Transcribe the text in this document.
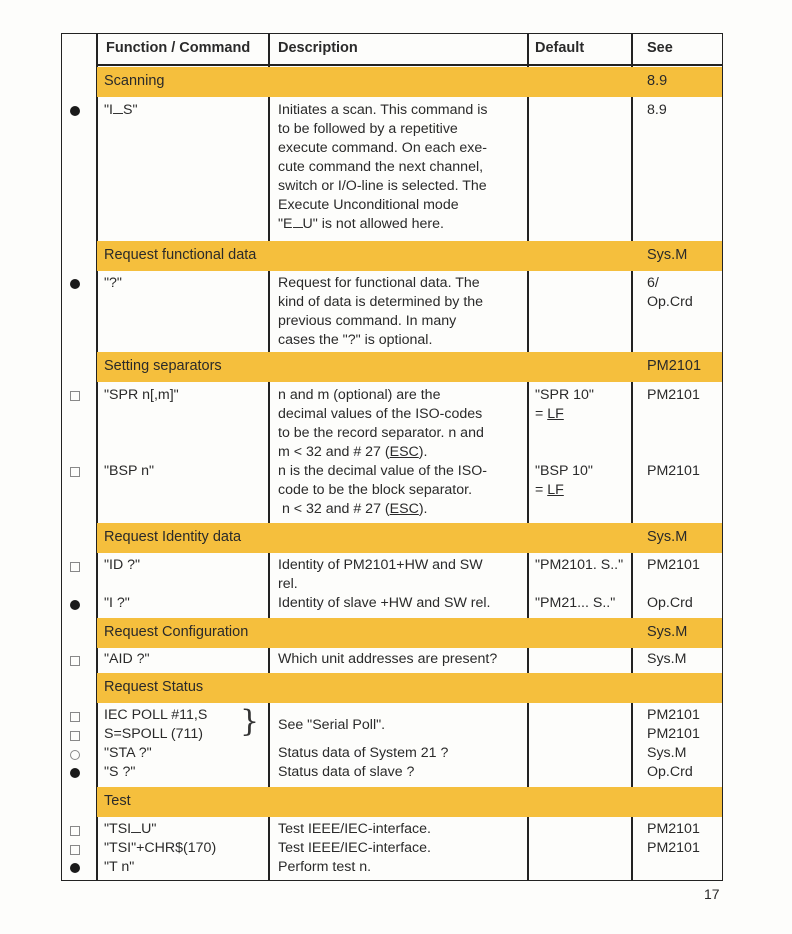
Function / Command Description	Default	See
Scanning	8.9
Request functional data	Sys.M
Setting separators	PM2101
Request Identity data	Sys.M
Request Configuration	Sys.M
Request Status
Test
"I S"	Initiates a scan. This command is
to be followed by a repetitive
execute command. On each exe-
cute command the next channel,
switch or I/O-line is selected. The
Execute Unconditional mode
"E U" is not allowed here.
8.9
"?"	Request for functional data. The
kind of data is determined by the
previous command. In many
cases the "?" is optional.
6/
Op.Crd
"SPR n[,m]"	n and m (optional) are the
decimal values of the ISO-codes
to be the record separator. n and
m < 32 and # 27 (ESC).
"SPR 10"
= LF
PM2101
"BSP n"	n is the decimal value of the ISO-
code to be the block separator.
n < 32 and # 27 (ESC).
"BSP 10"
= LF
PM2101
"ID ?"	Identity of PM2101+HW and SW
rel.
"PM2101. S.." PM2101
"I ?"	Identity of slave +HW and SW rel.	"PM21... S.." Op.Crd
"AID ?"	Which unit addresses are present?	Sys.M
IEC POLL #11,S
S=SPOLL (711)
"STA ?"
"S ?"
} See "Serial Poll".
Status data of System 21 ?
Status data of slave ?
PM2101
PM2101
Sys.M
Op.Crd
"TSI U"
"TSI"+CHR$(170)
"T n"
Test IEEE/IEC-interface.
Test IEEE/IEC-interface.
Perform test n.
PM2101
PM2101
17
